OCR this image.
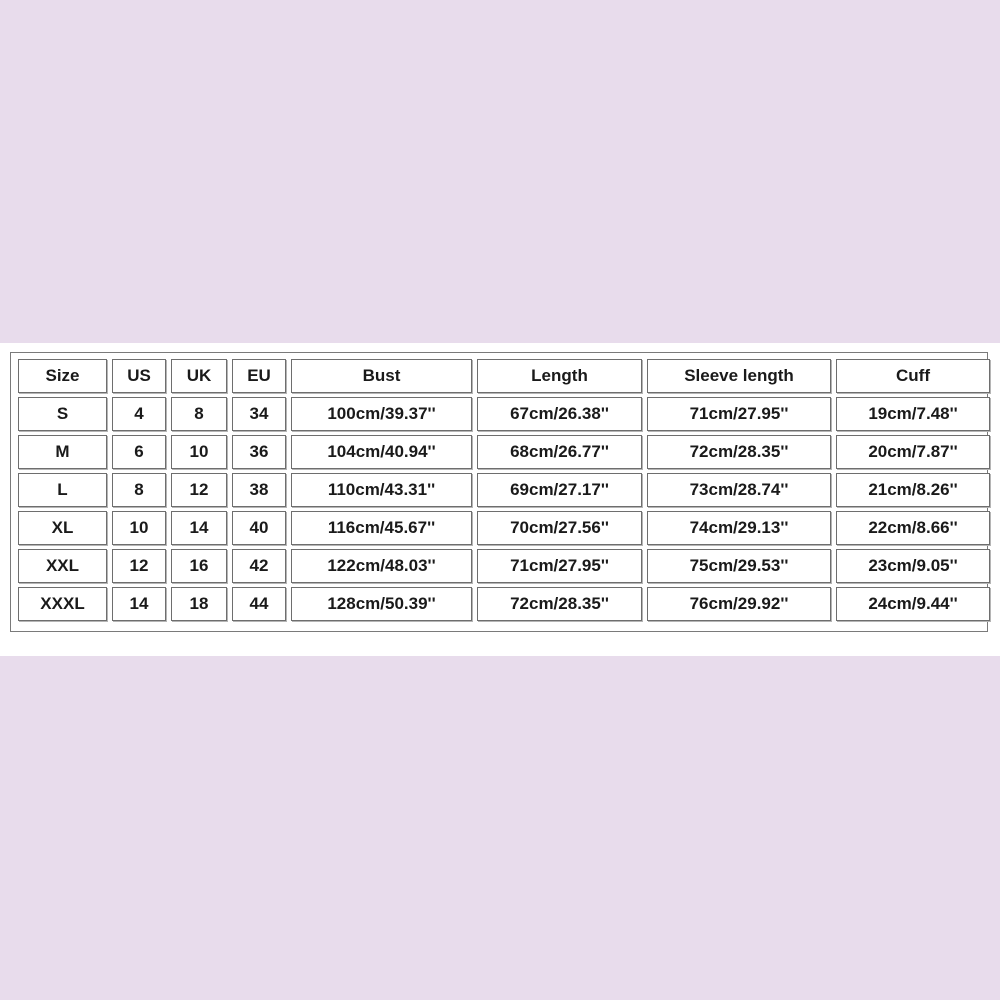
Size	US	UK	EU	Bust	Length	Sleeve length	Cuff
S	4	8	34	100cm/39.37''	67cm/26.38''	71cm/27.95''	19cm/7.48''
M	6	10	36	104cm/40.94''	68cm/26.77''	72cm/28.35''	20cm/7.87''
L	8	12	38	110cm/43.31''	69cm/27.17''	73cm/28.74''	21cm/8.26''
XL	10	14	40	116cm/45.67''	70cm/27.56''	74cm/29.13''	22cm/8.66''
XXL	12	16	42	122cm/48.03''	71cm/27.95''	75cm/29.53''	23cm/9.05''
XXXL	14	18	44	128cm/50.39''	72cm/28.35''	76cm/29.92''	24cm/9.44''
